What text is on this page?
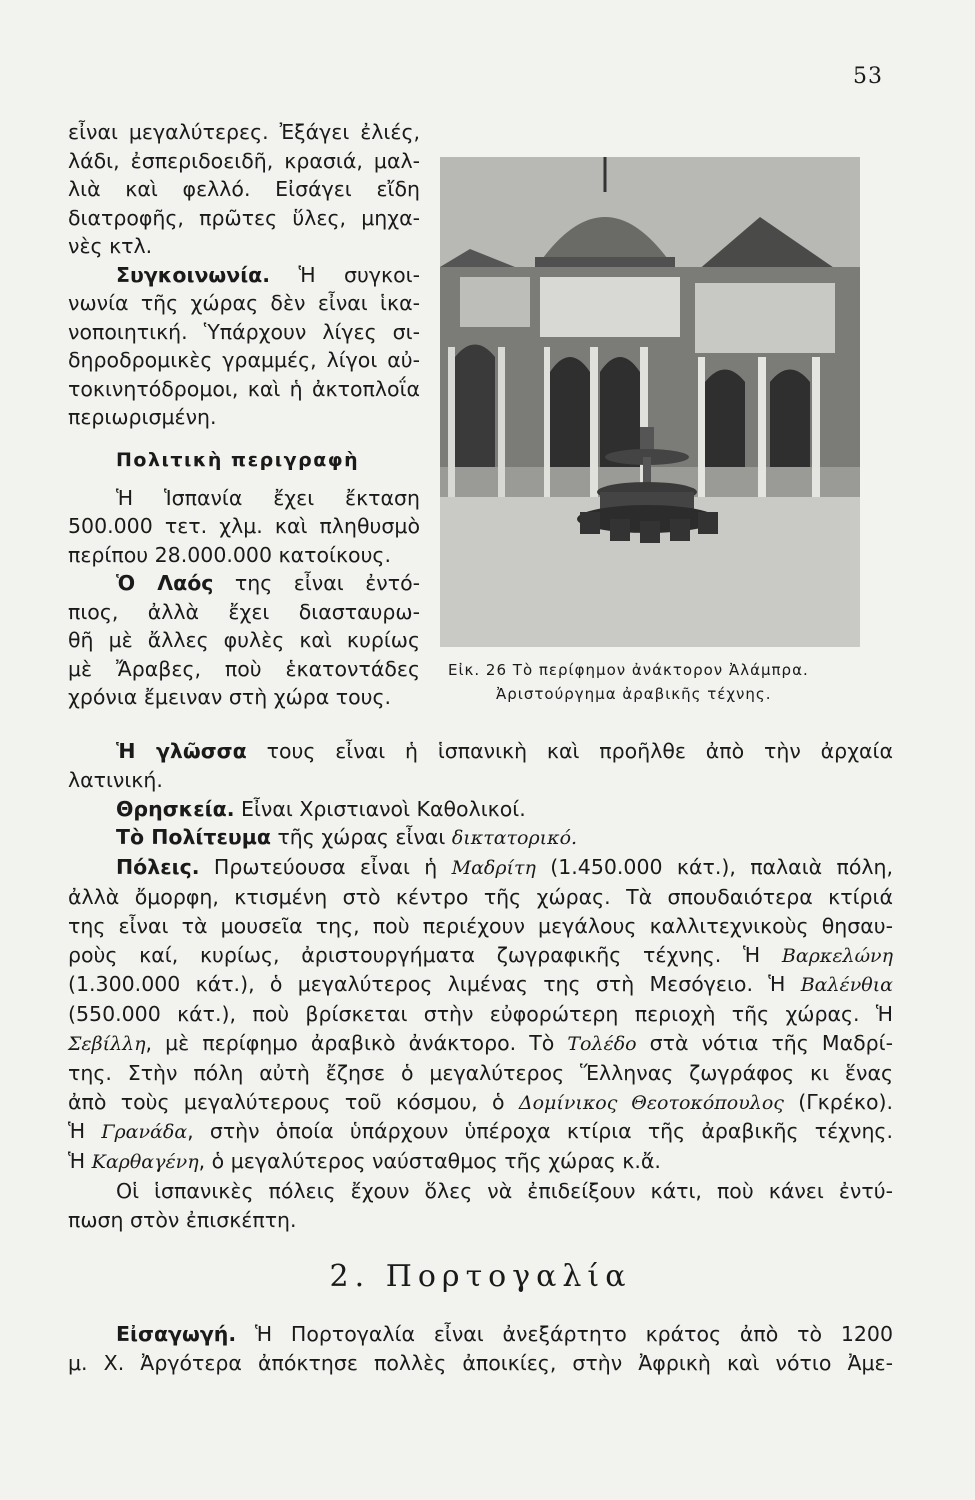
53
εἶναι μεγαλύτερες. Ἐξάγει ἐλιές,
λάδι, ἐσπεριδοειδῆ, κρασιά, μαλ-
λιὰ καὶ φελλό. Εἰσάγει εἴδη
διατροφῆς, πρῶτες ὕλες, μηχα-
νὲς κτλ.
Συγκοινωνία. Ἡ συγκοι-
νωνία τῆς χώρας δὲν εἶναι ἱκα-
νοποιητική. Ὑπάρχουν λίγες σι-
δηροδρομικὲς γραμμές, λίγοι αὐ-
τοκινητόδρομοι, καὶ ἡ ἀκτοπλοΐα
περιωρισμένη.
Πολιτικὴ περιγραφὴ
Ἡ Ἱσπανία ἔχει ἔκταση
500.000 τετ. χλμ. καὶ πληθυσμὸ
περίπου 28.000.000 κατοίκους.
Ὁ Λαός της εἶναι ἐντό-
πιος, ἀλλὰ ἔχει διασταυρω-
θῆ μὲ ἄλλες φυλὲς καὶ κυρίως
μὲ Ἄραβες, ποὺ ἑκατοντάδες
χρόνια ἔμειναν στὴ χώρα τους.
Εἰκ. 26 Τὸ περίφημον ἀνάκτορον Ἀλάμπρα.
Ἀριστούργημα ἀραβικῆς τέχνης.
Ἡ γλῶσσα τους εἶναι ἡ ἱσπανικὴ καὶ προῆλθε ἀπὸ τὴν ἀρχαία
λατινική.
Θρησκεία. Εἶναι Χριστιανοὶ Καθολικοί.
Τὸ Πολίτευμα τῆς χώρας εἶναι δικτατορικό.
Πόλεις. Πρωτεύουσα εἶναι ἡ Μαδρίτη (1.450.000 κάτ.), παλαιὰ πόλη,
ἀλλὰ ὄμορφη, κτισμένη στὸ κέντρο τῆς χώρας. Τὰ σπουδαιότερα κτίριά
της εἶναι τὰ μουσεῖα της, ποὺ περιέχουν μεγάλους καλλιτεχνικοὺς θησαυ-
ροὺς καί, κυρίως, ἀριστουργήματα ζωγραφικῆς τέχνης. Ἡ Βαρκελώνη
(1.300.000 κάτ.), ὁ μεγαλύτερος λιμένας της στὴ Μεσόγειο. Ἡ Βαλένθια
(550.000 κάτ.), ποὺ βρίσκεται στὴν εὐφορώτερη περιοχὴ τῆς χώρας. Ἡ
Σεβίλλη, μὲ περίφημο ἀραβικὸ ἀνάκτορο. Τὸ Τολέδο στὰ νότια τῆς Μαδρί-
της. Στὴν πόλη αὐτὴ ἔζησε ὁ μεγαλύτερος Ἕλληνας ζωγράφος κι ἕνας
ἀπὸ τοὺς μεγαλύτερους τοῦ κόσμου, ὁ Δομίνικος Θεοτοκόπουλος (Γκρέκο).
Ἡ Γρανάδα, στὴν ὁποία ὑπάρχουν ὑπέροχα κτίρια τῆς ἀραβικῆς τέχνης.
Ἡ Καρθαγένη, ὁ μεγαλύτερος ναύσταθμος τῆς χώρας κ.ἄ.
Οἱ ἱσπανικὲς πόλεις ἔχουν ὅλες νὰ ἐπιδείξουν κάτι, ποὺ κάνει ἐντύ-
πωση στὸν ἐπισκέπτη.
2. Πορτογαλία
Εἰσαγωγή. Ἡ Πορτογαλία εἶναι ἀνεξάρτητο κράτος ἀπὸ τὸ 1200
μ. Χ. Ἀργότερα ἀπόκτησε πολλὲς ἀποικίες, στὴν Ἀφρικὴ καὶ νότιο Ἀμε-
